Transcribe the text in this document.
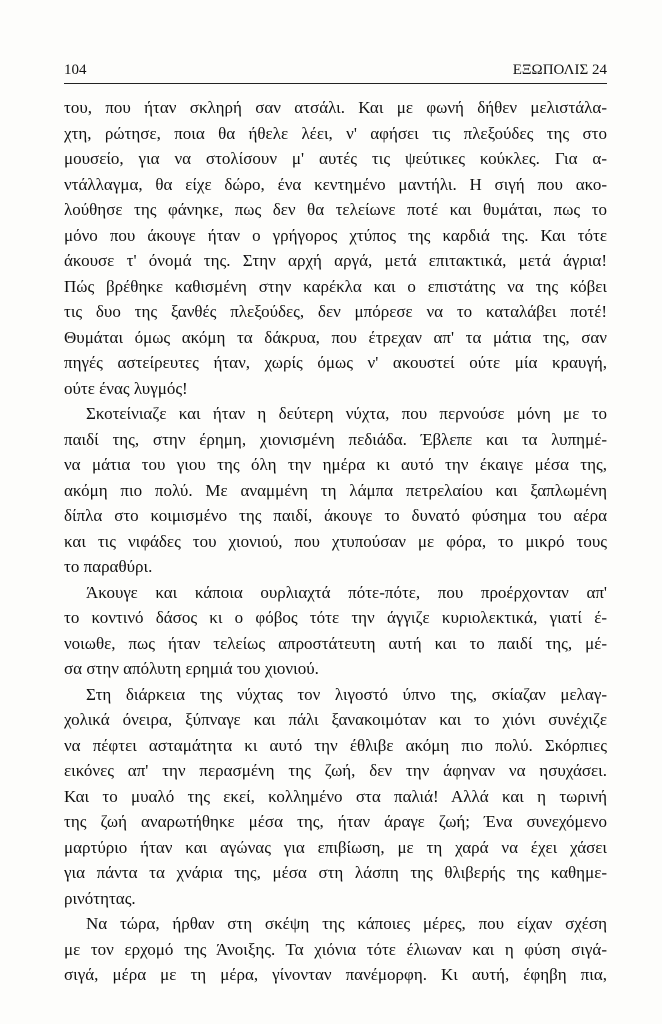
104	ΕΞΩΠΟΛΙΣ 24
του, που ήταν σκληρή σαν ατσάλι. Και με φωνή δήθεν μελιστάλα-
χτη, ρώτησε, ποια θα ήθελε λέει, ν' αφήσει τις πλεξούδες της στο
μουσείο, για να στολίσουν μ' αυτές τις ψεύτικες κούκλες. Για α-
ντάλλαγμα, θα είχε δώρο, ένα κεντημένο μαντήλι. Η σιγή που ακο-
λούθησε της φάνηκε, πως δεν θα τελείωνε ποτέ και θυμάται, πως το
μόνο που άκουγε ήταν ο γρήγορος χτύπος της καρδιά της. Και τότε
άκουσε τ' όνομά της. Στην αρχή αργά, μετά επιτακτικά, μετά άγρια!
Πώς βρέθηκε καθισμένη στην καρέκλα και ο επιστάτης να της κόβει
τις δυο της ξανθές πλεξούδες, δεν μπόρεσε να το καταλάβει ποτέ!
Θυμάται όμως ακόμη τα δάκρυα, που έτρεχαν απ' τα μάτια της, σαν
πηγές αστείρευτες ήταν, χωρίς όμως ν' ακουστεί ούτε μία κραυγή,
ούτε ένας λυγμός!
Σκοτείνιαζε και ήταν η δεύτερη νύχτα, που περνούσε μόνη με το
παιδί της, στην έρημη, χιονισμένη πεδιάδα. Έβλεπε και τα λυπημέ-
να μάτια του γιου της όλη την ημέρα κι αυτό την έκαιγε μέσα της,
ακόμη πιο πολύ. Με αναμμένη τη λάμπα πετρελαίου και ξαπλωμένη
δίπλα στο κοιμισμένο της παιδί, άκουγε το δυνατό φύσημα του αέρα
και τις νιφάδες του χιονιού, που χτυπούσαν με φόρα, το μικρό τους
το παραθύρι.
Άκουγε και κάποια ουρλιαχτά πότε-πότε, που προέρχονταν απ'
το κοντινό δάσος κι ο φόβος τότε την άγγιζε κυριολεκτικά, γιατί έ-
νοιωθε, πως ήταν τελείως απροστάτευτη αυτή και το παιδί της, μέ-
σα στην απόλυτη ερημιά του χιονιού.
Στη διάρκεια της νύχτας τον λιγοστό ύπνο της, σκίαζαν μελαγ-
χολικά όνειρα, ξύπναγε και πάλι ξανακοιμόταν και το χιόνι συνέχιζε
να πέφτει ασταμάτητα κι αυτό την έθλιβε ακόμη πιο πολύ. Σκόρπιες
εικόνες απ' την περασμένη της ζωή, δεν την άφηναν να ησυχάσει.
Και το μυαλό της εκεί, κολλημένο στα παλιά! Αλλά και η τωρινή
της ζωή αναρωτήθηκε μέσα της, ήταν άραγε ζωή; Ένα συνεχόμενο
μαρτύριο ήταν και αγώνας για επιβίωση, με τη χαρά να έχει χάσει
για πάντα τα χνάρια της, μέσα στη λάσπη της θλιβερής της καθημε-
ρινότητας.
Να τώρα, ήρθαν στη σκέψη της κάποιες μέρες, που είχαν σχέση
με τον ερχομό της Άνοιξης. Τα χιόνια τότε έλιωναν και η φύση σιγά-
σιγά, μέρα με τη μέρα, γίνονταν πανέμορφη. Κι αυτή, έφηβη πια,
